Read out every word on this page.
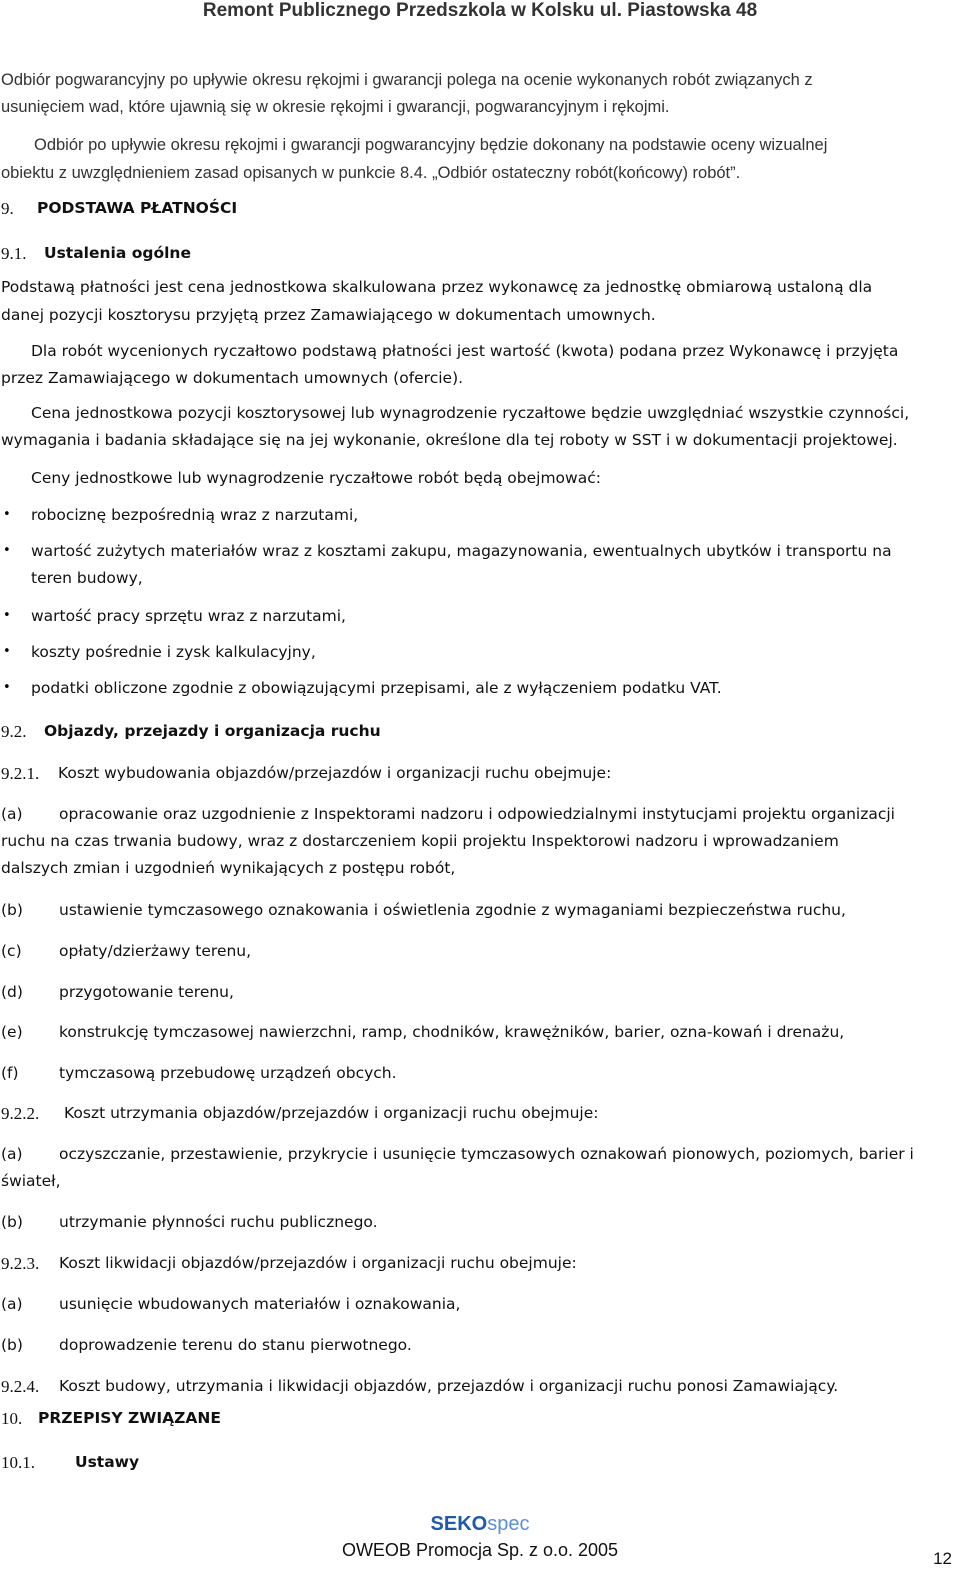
Remont Publicznego Przedszkola w Kolsku ul. Piastowska 48
Odbiór pogwarancyjny po upływie okresu rękojmi i gwarancji polega na ocenie wykonanych robót związanych z
usunięciem wad, które ujawnią się w okresie rękojmi i gwarancji, pogwarancyjnym i rękojmi.
Odbiór po upływie okresu rękojmi i gwarancji pogwarancyjny będzie dokonany na podstawie oceny wizualnej
obiektu z uwzględnieniem zasad opisanych w punkcie 8.4. „Odbiór ostateczny robót(końcowy) robót”.
9. PODSTAWA PŁATNOŚCI
9.1. Ustalenia ogólne
Podstawą płatności jest cena jednostkowa skalkulowana przez wykonawcę za jednostkę obmiarową ustaloną dla
danej pozycji kosztorysu przyjętą przez Zamawiającego w dokumentach umownych.
Dla robót wycenionych ryczałtowo podstawą płatności jest wartość (kwota) podana przez Wykonawcę i przyjęta
przez Zamawiającego w dokumentach umownych (ofercie).
Cena jednostkowa pozycji kosztorysowej lub wynagrodzenie ryczałtowe będzie uwzględniać wszystkie czynności,
wymagania i badania składające się na jej wykonanie, określone dla tej roboty w SST i w dokumentacji projektowej.
Ceny jednostkowe lub wynagrodzenie ryczałtowe robót będą obejmować:
• robociznę bezpośrednią wraz z narzutami,
• wartość zużytych materiałów wraz z kosztami zakupu, magazynowania, ewentualnych ubytków i transportu na
teren budowy,
• wartość pracy sprzętu wraz z narzutami,
• koszty pośrednie i zysk kalkulacyjny,
• podatki obliczone zgodnie z obowiązującymi przepisami, ale z wyłączeniem podatku VAT.
9.2. Objazdy, przejazdy i organizacja ruchu
9.2.1. Koszt wybudowania objazdów/przejazdów i organizacji ruchu obejmuje:
(a) opracowanie oraz uzgodnienie z Inspektorami nadzoru i odpowiedzialnymi instytucjami projektu organizacji
ruchu na czas trwania budowy, wraz z dostarczeniem kopii projektu Inspektorowi nadzoru i wprowadzaniem
dalszych zmian i uzgodnień wynikających z postępu robót,
(b) ustawienie tymczasowego oznakowania i oświetlenia zgodnie z wymaganiami bezpieczeństwa ruchu,
(c) opłaty/dzierżawy terenu,
(d) przygotowanie terenu,
(e) konstrukcję tymczasowej nawierzchni, ramp, chodników, krawężników, barier, ozna-kowań i drenażu,
(f)	tymczasową przebudowę urządzeń obcych.
9.2.2. Koszt utrzymania objazdów/przejazdów i organizacji ruchu obejmuje:
(a) oczyszczanie, przestawienie, przykrycie i usunięcie tymczasowych oznakowań pionowych, poziomych, barier i
świateł,
(b) utrzymanie płynności ruchu publicznego.
9.2.3. Koszt likwidacji objazdów/przejazdów i organizacji ruchu obejmuje:
(a) usunięcie wbudowanych materiałów i oznakowania,
(b) doprowadzenie terenu do stanu pierwotnego.
9.2.4. Koszt budowy, utrzymania i likwidacji objazdów, przejazdów i organizacji ruchu ponosi Zamawiający.
10. PRZEPISY ZWIĄZANE
10.1.	Ustawy
SEKOspec
OWEOB Promocja Sp. z o.o. 2005	12
